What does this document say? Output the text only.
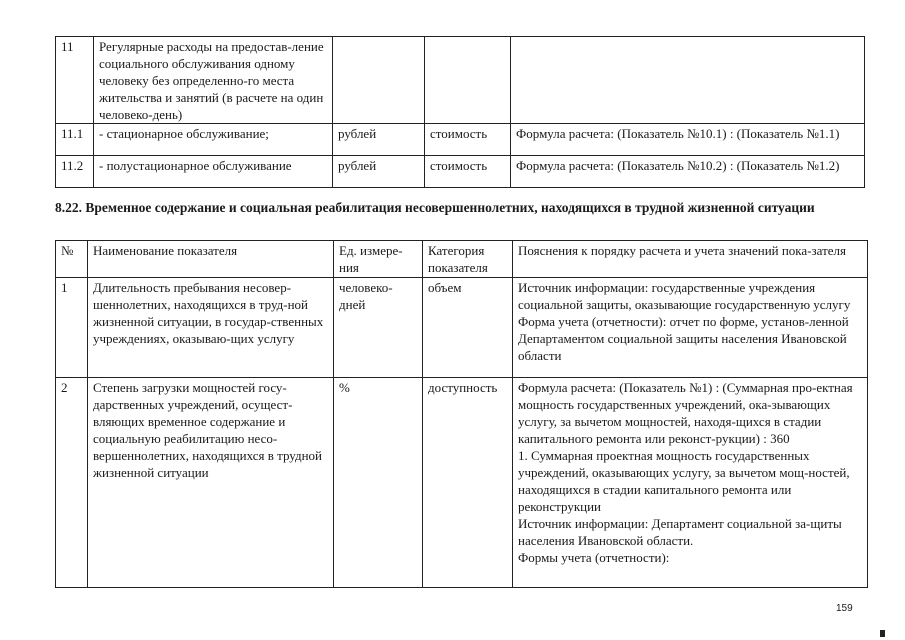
11	Регулярные расходы на предостав-ление социального обслуживания одному человеку без определенно-го места жительства и занятий (в расчете на один человеко-день)			
11.1	- стационарное обслуживание;	рублей	стоимость	Формула расчета: (Показатель №10.1) : (Показатель №1.1)
11.2	- полустационарное обслуживание	рублей	стоимость	Формула расчета: (Показатель №10.2) : (Показатель №1.2)
8.22. Временное содержание и социальная реабилитация несовершеннолетних, находящихся в трудной жизненной ситуации
№	Наименование показателя	Ед. измере-ния	Категория показателя	Пояснения к порядку расчета и учета значений пока-зателя
1	Длительность пребывания несовер-шеннолетних, находящихся в труд-ной жизненной ситуации, в государ-ственных учреждениях, оказываю-щих услугу	человеко-дней	объем	Источник информации: государственные учреждения социальной защиты, оказывающие государственную услугу
Форма учета (отчетности): отчет по форме, установ-ленной Департаментом социальной защиты населения Ивановской области

2	Степень загрузки мощностей госу-дарственных учреждений, осущест-вляющих временное содержание и социальную реабилитацию несо-вершеннолетних, находящихся в трудной жизненной ситуации	%	доступность	Формула расчета: (Показатель №1) : (Суммарная про-ектная мощность государственных учреждений, ока-зывающих услугу, за вычетом мощностей, находя-щихся в стадии капитального ремонта или реконст-рукции) : 360
1. Суммарная проектная мощность государственных учреждений, оказывающих услугу, за вычетом мощ-ностей, находящихся в стадии капитального ремонта или реконструкции
Источник информации: Департамент социальной за-щиты населения Ивановской области.
Формы учета (отчетности):
159
